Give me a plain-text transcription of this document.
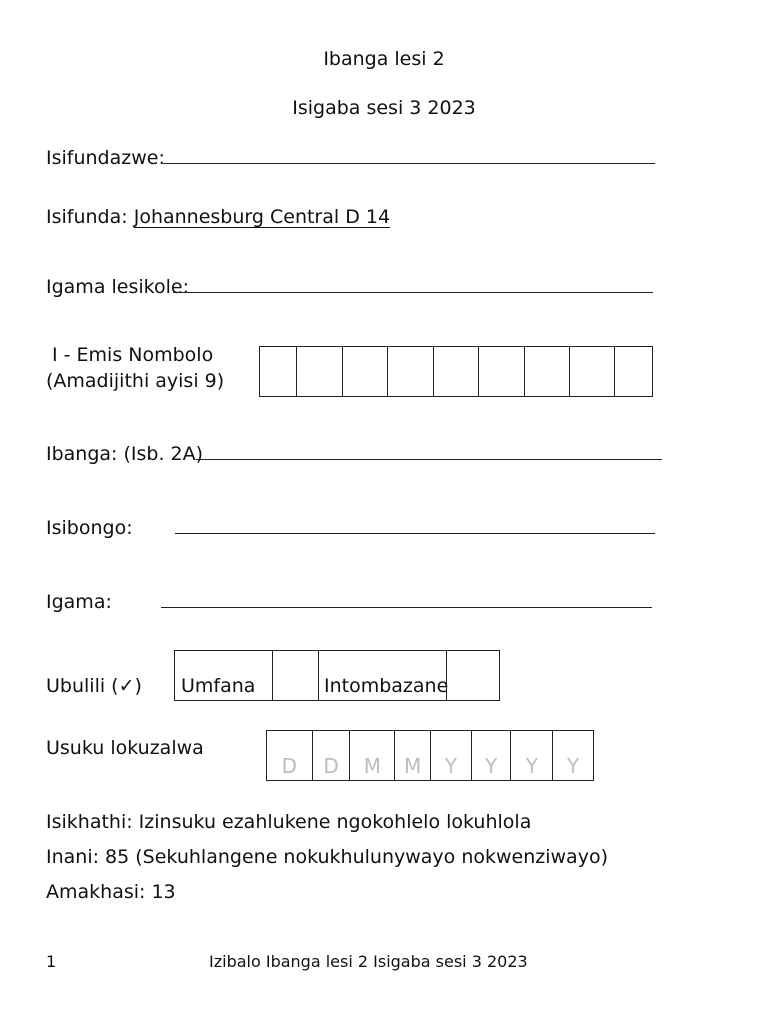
Ibanga lesi 2
Isigaba sesi 3 2023
Isifundazwe:
Isifunda: Johannesburg Central D 14
Igama lesikole:
I - Emis Nombolo
(Amadijithi ayisi 9)
Ibanga: (Isb. 2A)
Isibongo:
Igama:
Ubulili (✓) Umfana	Intombazane
Usuku lokuzalwa
D	D	M	M	Y	Y	Y	Y
Isikhathi: Izinsuku ezahlukene ngokohlelo lokuhlola
Inani: 85 (Sekuhlangene nokukhulunywayo nokwenziwayo)
Amakhasi: 13
1	Izibalo Ibanga lesi 2 Isigaba sesi 3 2023
